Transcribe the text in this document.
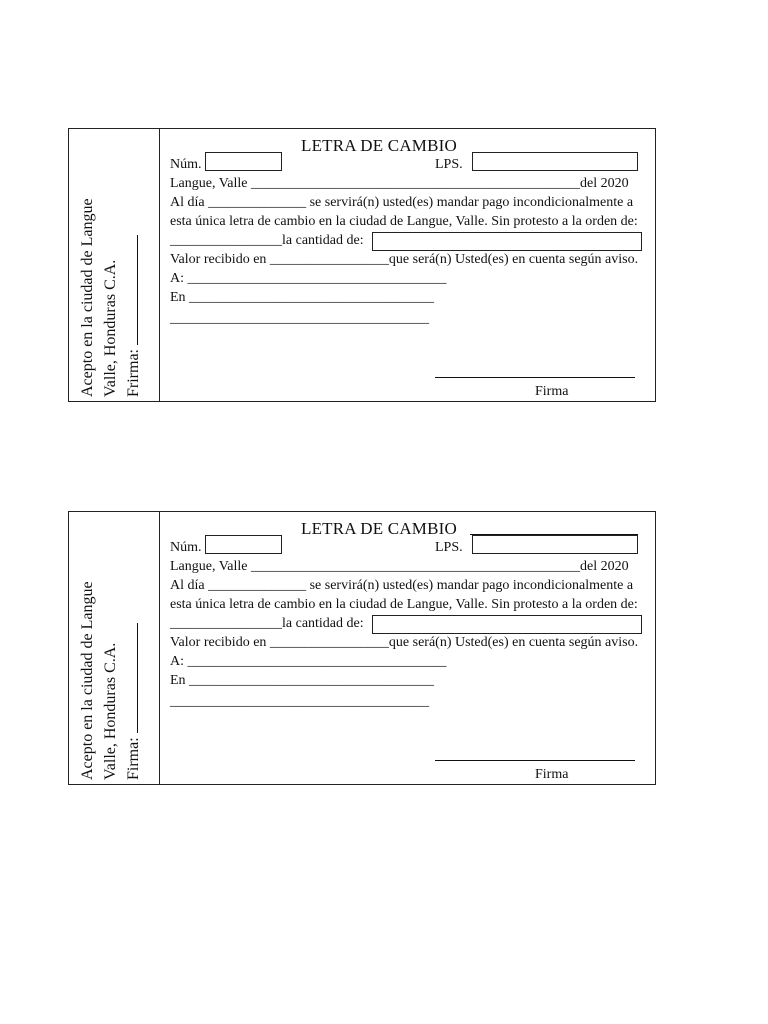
Acepto en la ciudad de Langue Valle, Honduras C.A. Frirma:
LETRA DE CAMBIO
Núm.	LPS.
Langue, Valle _______________________________________________del 2020
Al día ______________ se servirá(n) usted(es) mandar pago incondicionalmente a
esta única letra de cambio en la ciudad de Langue, Valle. Sin protesto a la orden de:
________________la cantidad de:
Valor recibido en _________________que será(n) Usted(es) en cuenta según aviso.
A: _____________________________________
En ___________________________________
_____________________________________
Firma
Acepto en la ciudad de Langue Valle, Honduras C.A. Firma:
LETRA DE CAMBIO
Núm.	LPS.
Langue, Valle _______________________________________________del 2020
Al día ______________ se servirá(n) usted(es) mandar pago incondicionalmente a
esta única letra de cambio en la ciudad de Langue, Valle. Sin protesto a la orden de:
________________la cantidad de:
Valor recibido en _________________que será(n) Usted(es) en cuenta según aviso.
A: _____________________________________
En ___________________________________
_____________________________________
Firma
